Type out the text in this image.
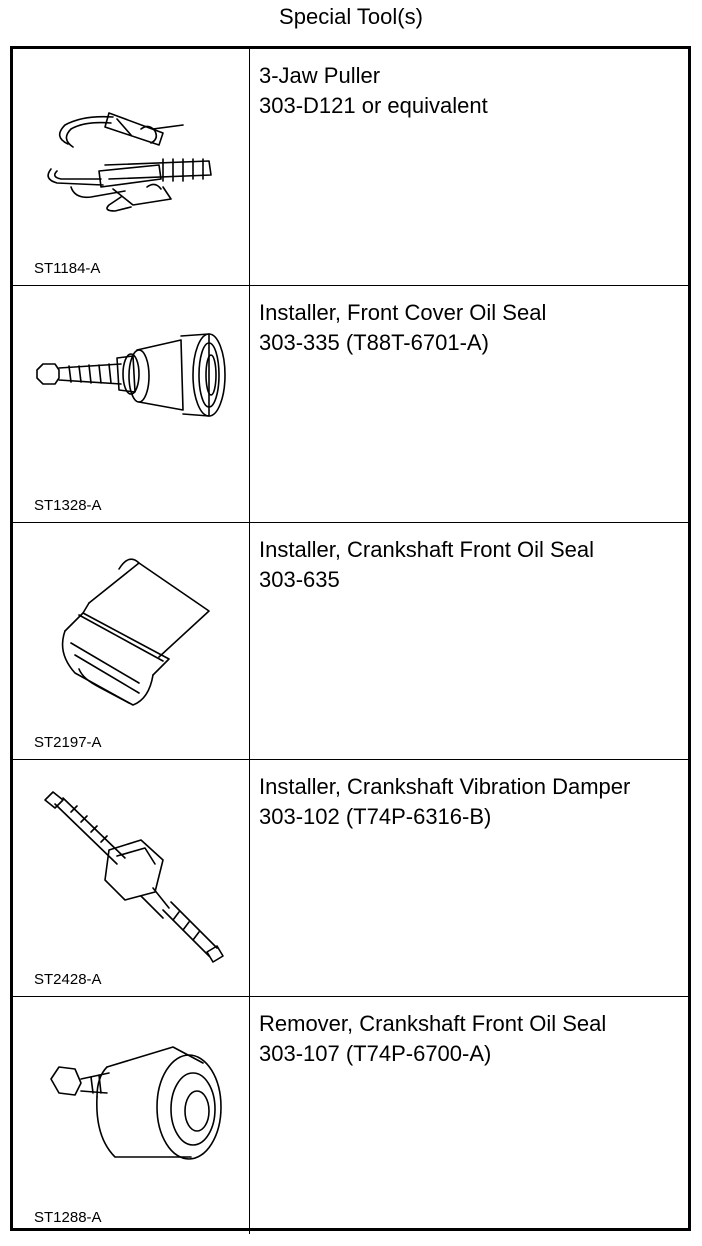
Special Tool(s)
ST1184-A
3-Jaw Puller
303-D121 or equivalent
ST1328-A
Installer, Front Cover Oil Seal
303-335 (T88T-6701-A)
ST2197-A
Installer, Crankshaft Front Oil Seal
303-635
ST2428-A
Installer, Crankshaft Vibration Damper
303-102 (T74P-6316-B)
ST1288-A
Remover, Crankshaft Front Oil Seal
303-107 (T74P-6700-A)
